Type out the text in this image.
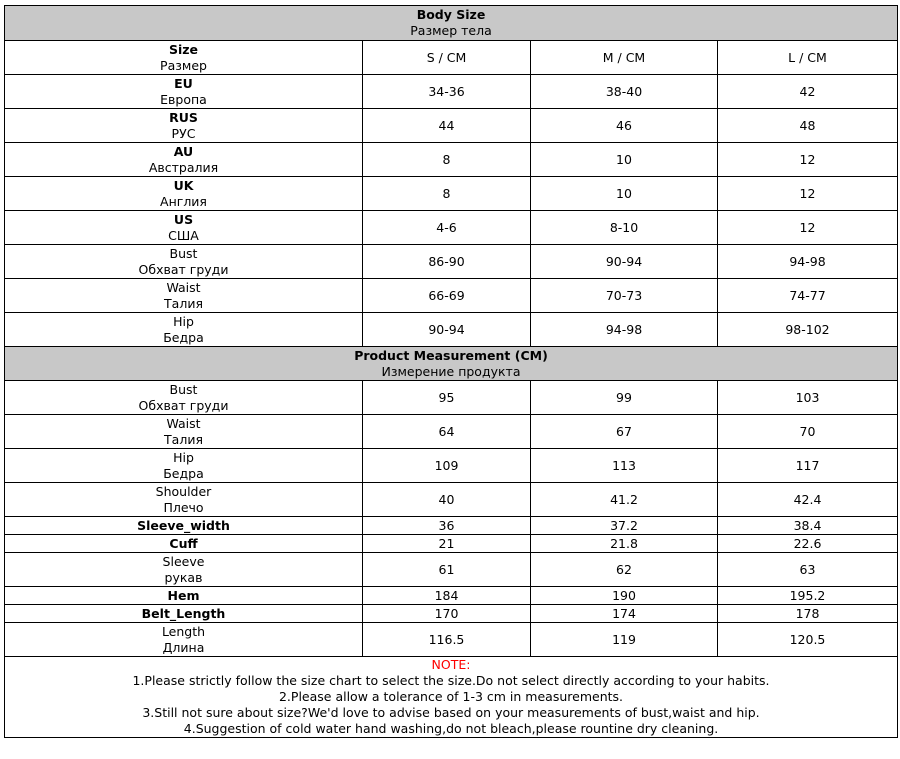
Body Size
Размер тела			

Size
Размер	S / CM	M / CM	L / CM

EU
Европа	34-36	38-40	42

RUS
РУС	44	46	48

AU
Австралия	8	10	12

UK
Англия	8	10	12

US
США	4-6	8-10	12

Bust
Обхват груди	86-90	90-94	94-98

Waist
Талия	66-69	70-73	74-77

Hip
Бедра	90-94	94-98	98-102

Product Measurement (CM)
Измерение продукта			

Bust
Обхват груди	95	99	103

Waist
Талия	64	67	70

Hip
Бедра	109	113	117

Shoulder
Плечо	40	41.2	42.4

Sleeve_width	36	37.2	38.4

Cuff	21	21.8	22.6

Sleeve
рукав	61	62	63

Hem	184	190	195.2

Belt_Length	170	174	178

Length
Длина	116.5	119	120.5

NOTE:
1.Please strictly follow the size chart to select the size.Do not select directly according to your habits.
2.Please allow a tolerance of 1-3 cm in measurements.
3.Still not sure about size?We'd love to advise based on your measurements of bust,waist and hip.
4.Suggestion of cold water hand washing,do not bleach,please rountine dry cleaning.			
